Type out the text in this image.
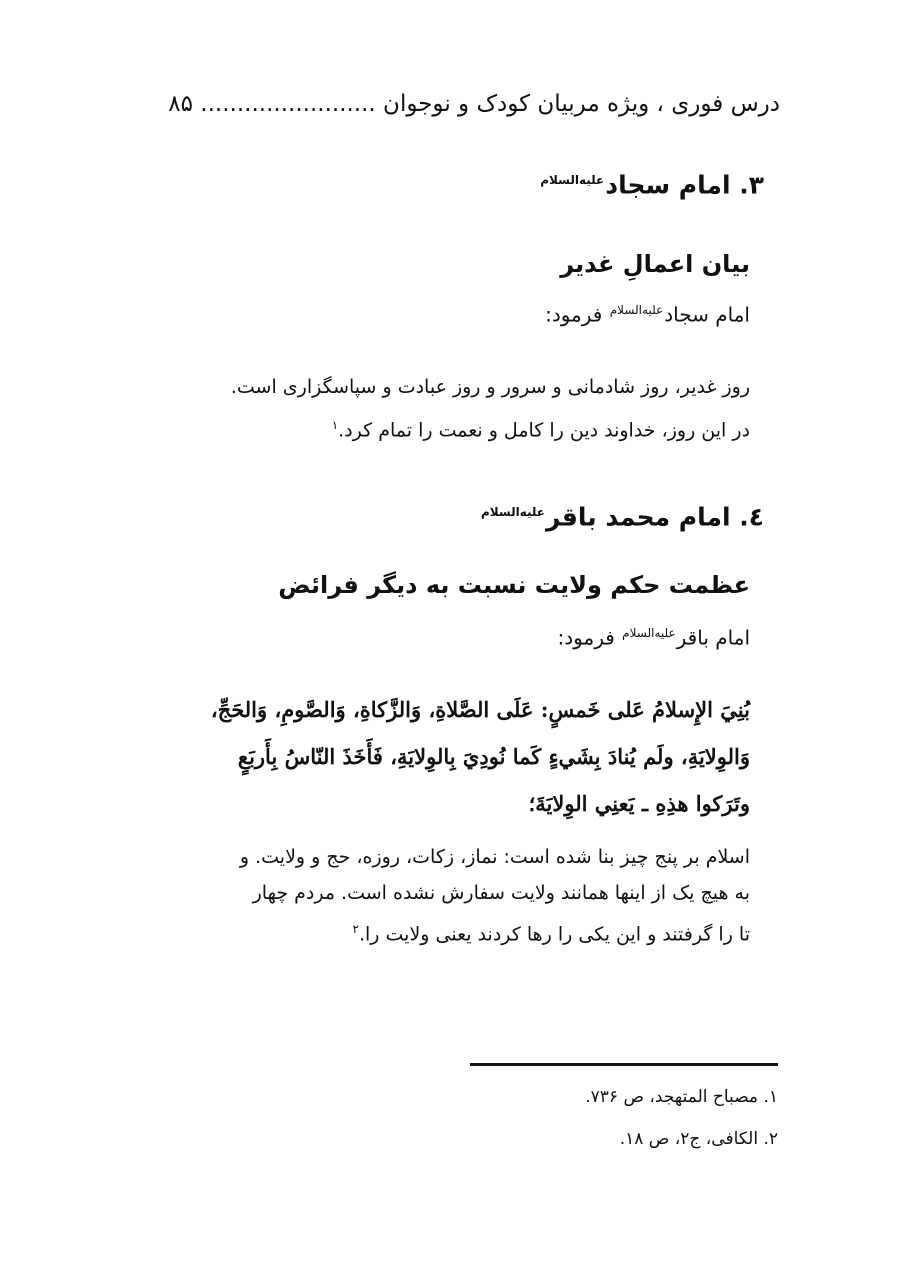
درس فوری ، ویژه مربیان کودک و نوجوان ........................ ۸۵
۳. امام سجاد$^{علیه‌السلام}$
بیان اعمالِ غدیر
امام سجاد$^{علیه‌السلام}$ فرمود:
روز غدیر، روز شادمانی و سرور و روز عبادت و سپاسگزاری است.
در این روز، خداوند دین را کامل و نعمت را تمام کرد.$^۱$
٤. امام محمد باقر$^{علیه‌السلام}$
عظمت حکم ولایت نسبت به دیگر فرائض
امام باقر$^{علیه‌السلام}$ فرمود:
بُنِيَ الإِسلامُ عَلی خَمسٍ: عَلَی الصَّلاةِ، وَالزَّکاةِ، وَالصَّومِ، وَالحَجِّ،
وَالوِلایَةِ، ولَم یُنادَ بِشَيءٍ کَما نُودِيَ بِالوِلایَةِ، فَأَخَذَ النّاسُ بِأَربَعٍ
وتَرَکوا هذِهِ ـ یَعنِي الوِلایَةَ؛
اسلام بر پنج چیز بنا شده است: نماز، زکات، روزه، حج و ولایت. و
به هیچ یک از اینها همانند ولایت سفارش نشده است. مردم چهار
تا را گرفتند و این یکی را رها کردند یعنی ولایت را.$^۲$
۱. مصباح المتهجد، ص ۷۳۶.
۲. الکافی، ج۲، ص ۱۸.
